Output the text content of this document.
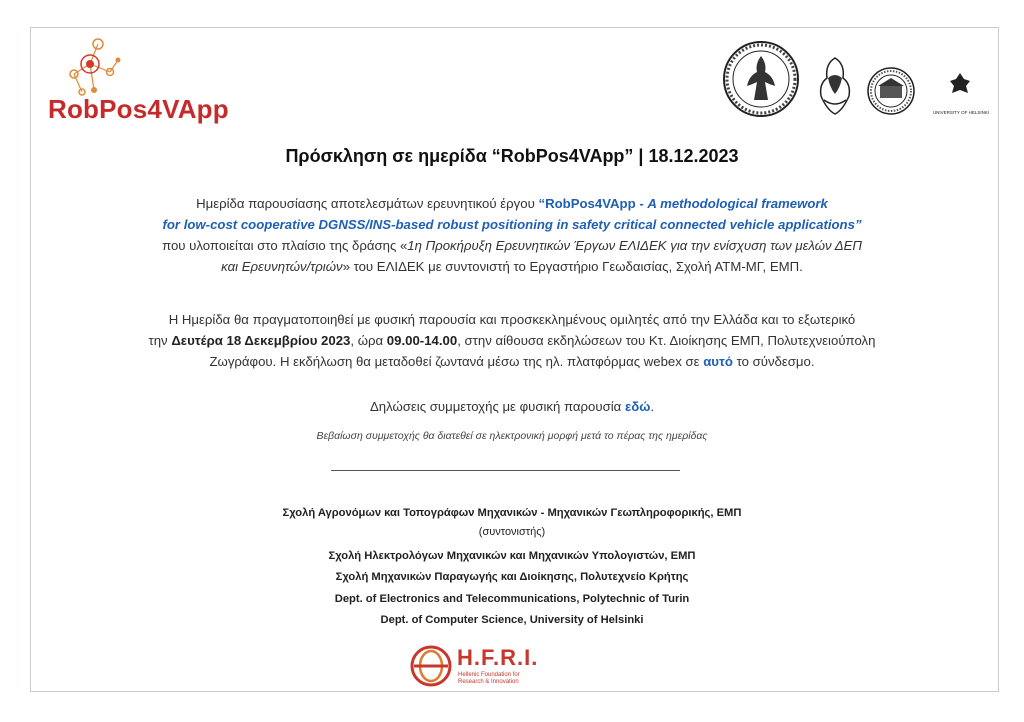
RobPos4VApp	UNIVERSITY OF HELSINKI
Πρόσκληση σε ημερίδα “RobPos4VApp” | 18.12.2023
Ημερίδα παρουσίασης αποτελεσμάτων ερευνητικού έργου “RobPos4VApp - A methodological framework
for low-cost cooperative DGNSS/INS-based robust positioning in safety critical connected vehicle applications”
που υλοποιείται στο πλαίσιο της δράσης «1η Προκήρυξη Ερευνητικών Έργων ΕΛΙΔΕΚ για την ενίσχυση των μελών ΔΕΠ
και Ερευνητών/τριών» του ΕΛΙΔΕΚ με συντονιστή το Εργαστήριο Γεωδαισίας, Σχολή ΑΤΜ-ΜΓ, ΕΜΠ.
Η Ημερίδα θα πραγματοποιηθεί με φυσική παρουσία και προσκεκλημένους ομιλητές από την Ελλάδα και το εξωτερικό
την Δευτέρα 18 Δεκεμβρίου 2023, ώρα 09.00-14.00, στην αίθουσα εκδηλώσεων του Κτ. Διοίκησης ΕΜΠ, Πολυτεχνειούπολη
Ζωγράφου. Η εκδήλωση θα μεταδοθεί ζωντανά μέσω της ηλ. πλατφόρμας webex σε αυτό το σύνδεσμο.
Δηλώσεις συμμετοχής με φυσική παρουσία εδώ.
Βεβαίωση συμμετοχής θα διατεθεί σε ηλεκτρονική μορφή μετά το πέρας της ημερίδας
Σχολή Αγρονόμων και Τοπογράφων Μηχανικών - Μηχανικών Γεωπληροφορικής, ΕΜΠ
(συντονιστής)
Σχολή Ηλεκτρολόγων Μηχανικών και Μηχανικών Υπολογιστών, ΕΜΠ
Σχολή Μηχανικών Παραγωγής και Διοίκησης, Πολυτεχνείο Κρήτης
Dept. of Electronics and Telecommunications, Polytechnic of Turin
Dept. of Computer Science, University of Helsinki
H.F.R.I.
Hellenic Foundation for
Research & Innovation
